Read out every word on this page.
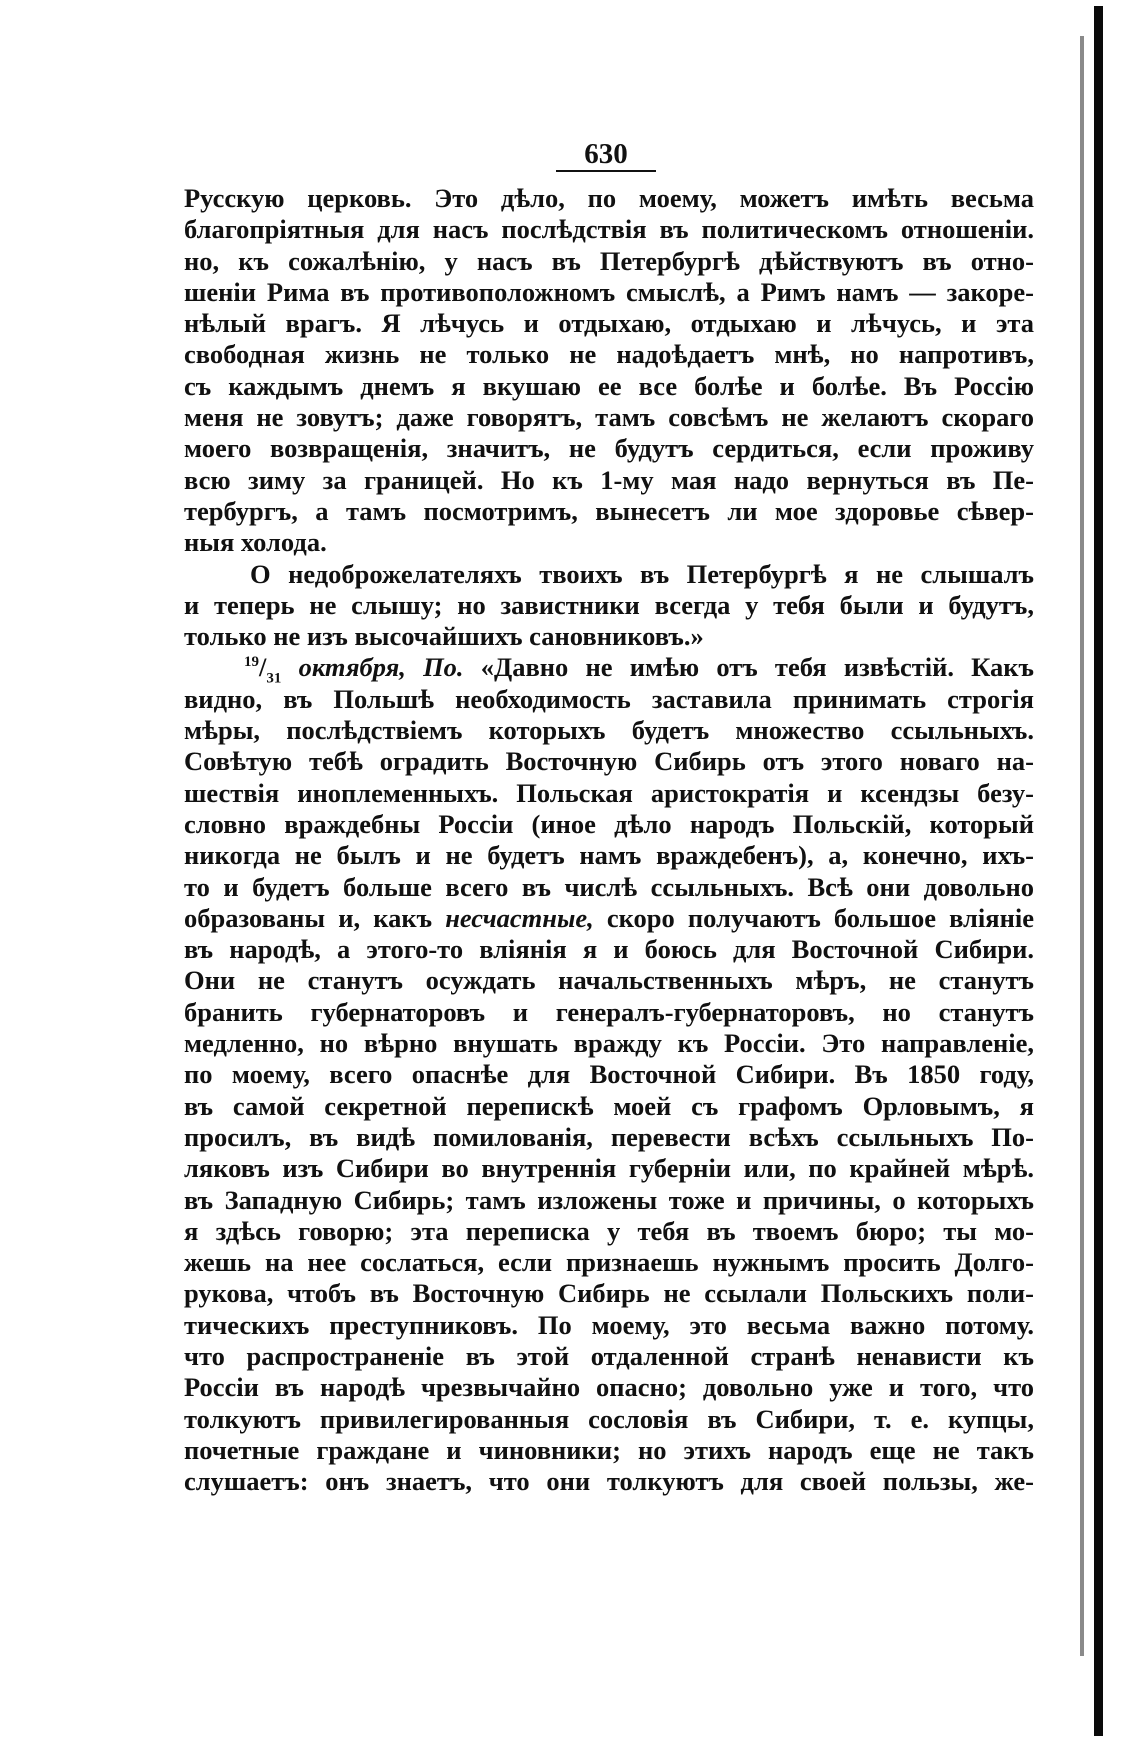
630
Русскую церковь. Это дѣло, по моему, можетъ имѣть весьма
благопріятныя для насъ послѣдствія въ политическомъ отношеніи.
но, къ сожалѣнію, у насъ въ Петербургѣ дѣйствуютъ въ отно-
шеніи Рима въ противоположномъ смыслѣ, а Римъ намъ — закоре-
нѣлый врагъ. Я лѣчусь и отдыхаю, отдыхаю и лѣчусь, и эта
свободная жизнь не только не надоѣдаетъ мнѣ, но напротивъ,
съ каждымъ днемъ я вкушаю ее все болѣе и болѣе. Въ Россію
меня не зовутъ; даже говорятъ, тамъ совсѣмъ не желаютъ скораго
моего возвращенія, значитъ, не будутъ сердиться, если проживу
всю зиму за границей. Но къ 1-му мая надо вернуться въ Пе-
тербургъ, а тамъ посмотримъ, вынесетъ ли мое здоровье сѣвер-
ныя холода.
О недоброжелателяхъ твоихъ въ Петербургѣ я не слышалъ
и теперь не слышу; но завистники всегда у тебя были и будутъ,
только не изъ высочайшихъ сановниковъ.»
$^{19}/_{31}$ октября, По. «Давно не имѣю отъ тебя извѣстій. Какъ
видно, въ Польшѣ необходимость заставила принимать строгія
мѣры, послѣдствіемъ которыхъ будетъ множество ссыльныхъ.
Совѣтую тебѣ оградить Восточную Сибирь отъ этого новаго на-
шествія иноплеменныхъ. Польская аристократія и ксендзы безу-
словно враждебны Россіи (иное дѣло народъ Польскій, который
никогда не былъ и не будетъ намъ враждебенъ), а, конечно, ихъ-
то и будетъ больше всего въ числѣ ссыльныхъ. Всѣ они довольно
образованы и, какъ несчастные, скоро получаютъ большое вліяніе
въ народѣ, а этого-то вліянія я и боюсь для Восточной Сибири.
Они не станутъ осуждать начальственныхъ мѣръ, не станутъ
бранить губернаторовъ и генералъ-губернаторовъ, но станутъ
медленно, но вѣрно внушать вражду къ Россіи. Это направленіе,
по моему, всего опаснѣе для Восточной Сибири. Въ 1850 году,
въ самой секретной перепискѣ моей съ графомъ Орловымъ, я
просилъ, въ видѣ помилованія, перевести всѣхъ ссыльныхъ По-
ляковъ изъ Сибири во внутреннія губерніи или, по крайней мѣрѣ.
въ Западную Сибирь; тамъ изложены тоже и причины, о которыхъ
я здѣсь говорю; эта переписка у тебя въ твоемъ бюро; ты мо-
жешь на нее сослаться, если признаешь нужнымъ просить Долго-
рукова, чтобъ въ Восточную Сибирь не ссылали Польскихъ поли-
тическихъ преступниковъ. По моему, это весьма важно потому.
что распространеніе въ этой отдаленной странѣ ненависти къ
Россіи въ народѣ чрезвычайно опасно; довольно уже и того, что
толкуютъ привилегированныя сословія въ Сибири, т. е. купцы,
почетные граждане и чиновники; но этихъ народъ еще не такъ
слушаетъ: онъ знаетъ, что они толкуютъ для своей пользы, же-
